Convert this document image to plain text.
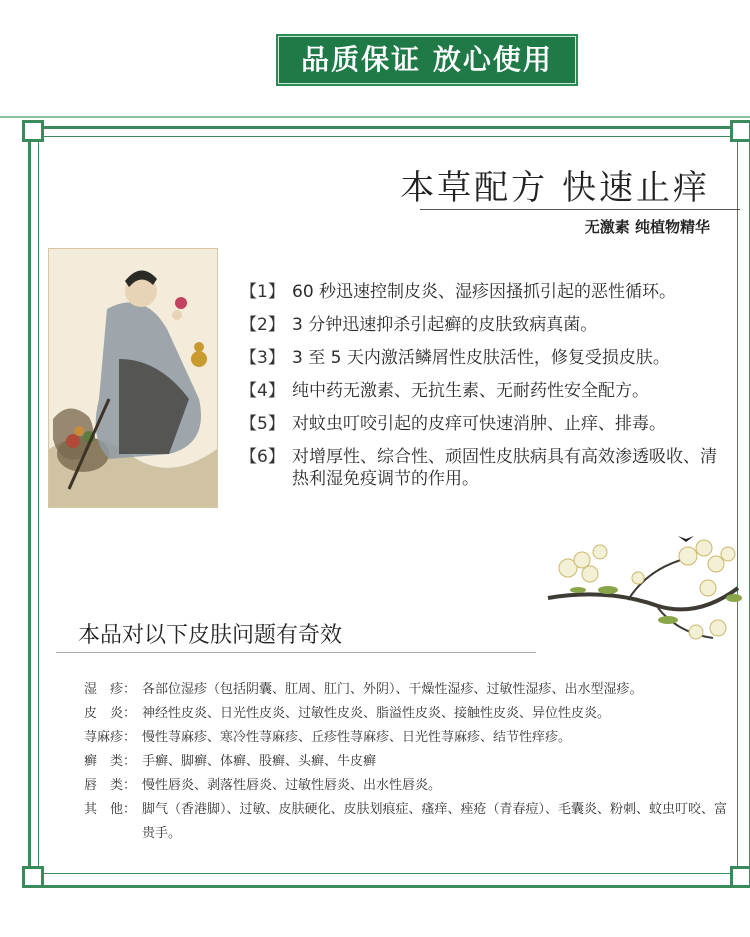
品质保证 放心使用
本草配方 快速止痒
无激素 纯植物精华
【1】 60 秒迅速控制皮炎、湿疹因搔抓引起的恶性循环。
【2】 3 分钟迅速抑杀引起癣的皮肤致病真菌。
【3】 3 至 5 天内激活鳞屑性皮肤活性，修复受损皮肤。
【4】 纯中药无激素、无抗生素、无耐药性安全配方。
【5】 对蚊虫叮咬引起的皮痒可快速消肿、止痒、排毒。
【6】 对增厚性、综合性、顽固性皮肤病具有高效渗透吸收、清热利湿免疫调节的作用。
本品对以下皮肤问题有奇效
湿　疹： 各部位湿疹（包括阴囊、肛周、肛门、外阴）、干燥性湿疹、过敏性湿疹、出水型湿疹。
皮　炎： 神经性皮炎、日光性皮炎、过敏性皮炎、脂溢性皮炎、接触性皮炎、异位性皮炎。
荨麻疹： 慢性荨麻疹、寒冷性荨麻疹、丘疹性荨麻疹、日光性荨麻疹、结节性痒疹。
癣　类： 手癣、脚癣、体癣、股癣、头癣、牛皮癣
唇　类： 慢性唇炎、剥落性唇炎、过敏性唇炎、出水性唇炎。
其　他： 脚气（香港脚）、过敏、皮肤硬化、皮肤划痕症、瘙痒、痤疮（青春痘）、毛囊炎、粉刺、蚊虫叮咬、富贵手。
